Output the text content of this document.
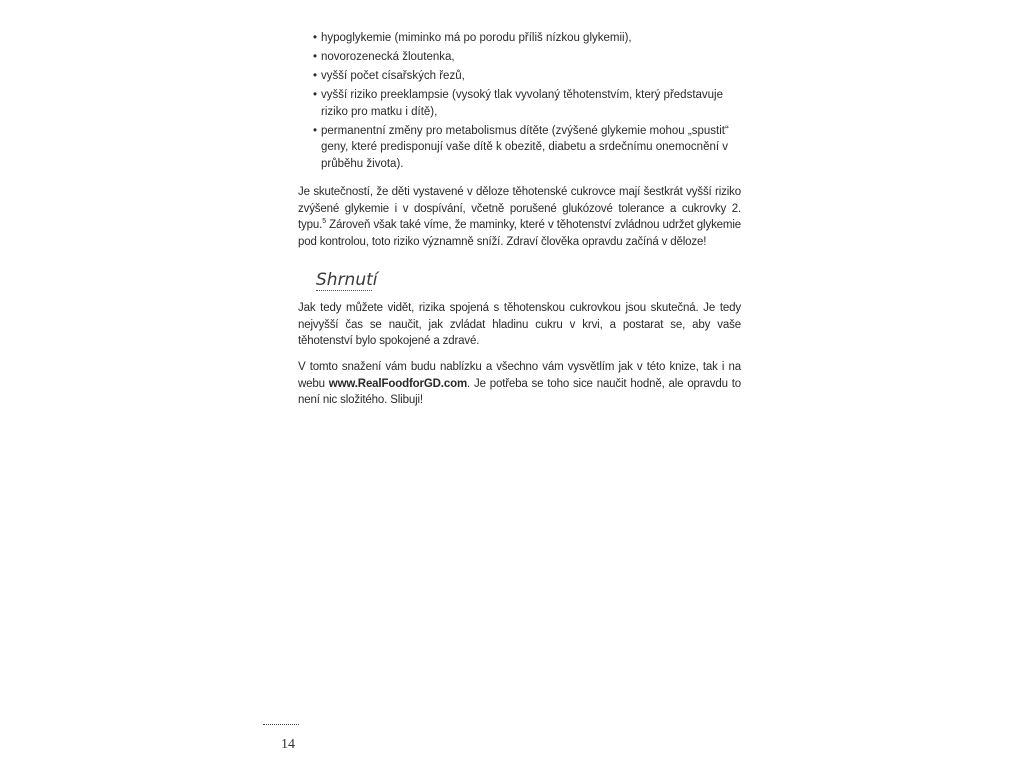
• hypoglykemie (miminko má po porodu příliš nízkou glykemii),
• novorozenecká žloutenka,
• vyšší počet císařských řezů,
• vyšší riziko preeklampsie (vysoký tlak vyvolaný těhotenstvím, který představuje riziko pro matku i dítě),
• permanentní změny pro metabolismus dítěte (zvýšené glykemie mohou „spustit“ geny, které predisponují vaše dítě k obezitě, diabetu a srdečnímu onemocnění v průběhu života).

Je skutečností, že děti vystavené v děloze těhotenské cukrovce mají šestkrát vyšší riziko zvýšené glykemie i v dospívání, včetně porušené glukózové tolerance a cukrovky 2. typu.$^5$ Zároveň však také víme, že maminky, které v těhotenství zvládnou udržet glykemie pod kontrolou, toto riziko významně sníží. Zdraví člověka opravdu začíná v děloze!

Shrnutí

Jak tedy můžete vidět, rizika spojená s těhotenskou cukrovkou jsou skutečná. Je tedy nejvyšší čas se naučit, jak zvládat hladinu cukru v krvi, a postarat se, aby vaše těhotenství bylo spokojené a zdravé.

V tomto snažení vám budu nablízku a všechno vám vysvětlím jak v této knize, tak i na webu www.RealFoodforGD.com. Je potřeba se toho sice naučit hodně, ale opravdu to není nic složitého. Slibuji!

14
